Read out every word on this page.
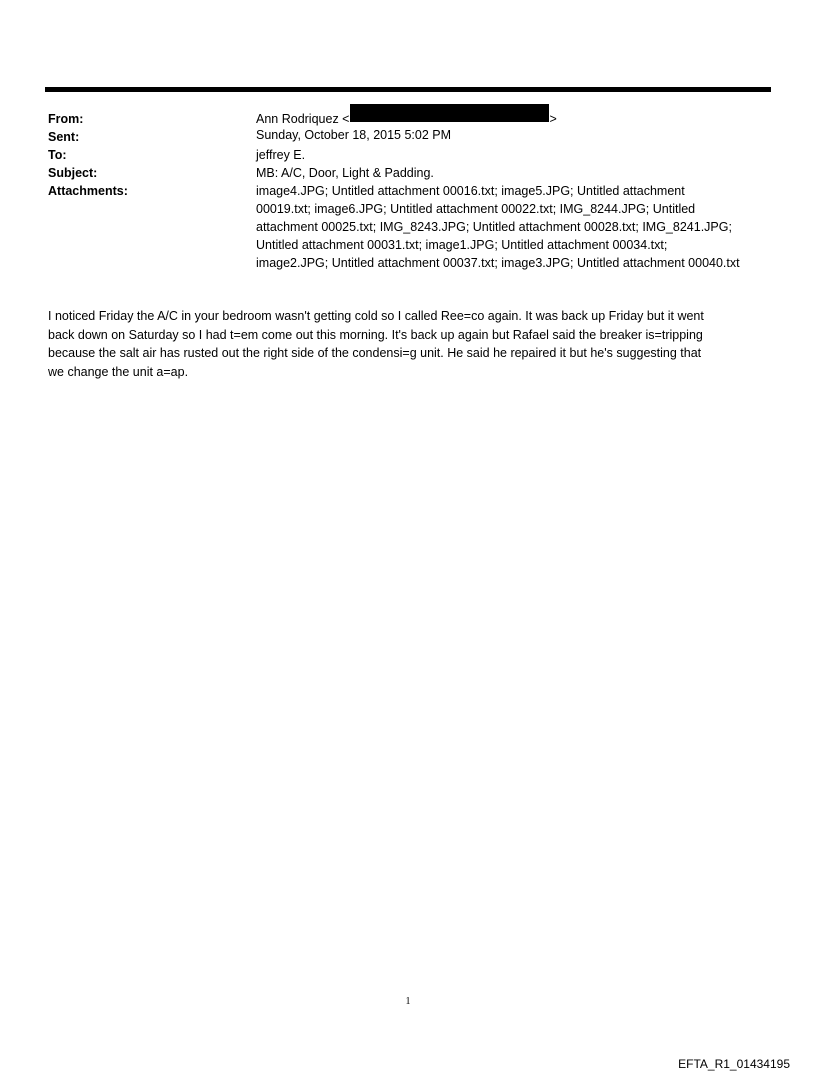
From:	Ann Rodriquez <	>
Sent:	Sunday, October 18, 2015 5:02 PM
To:	jeffrey E.
Subject:	MB: A/C, Door, Light & Padding.
Attachments:	image4.JPG; Untitled attachment 00016.txt; image5.JPG; Untitled attachment
00019.txt; image6.JPG; Untitled attachment 00022.txt; IMG_8244.JPG; Untitled
attachment 00025.txt; IMG_8243.JPG; Untitled attachment 00028.txt; IMG_8241.JPG;
Untitled attachment 00031.txt; image1.JPG; Untitled attachment 00034.txt;
image2.JPG; Untitled attachment 00037.txt; image3.JPG; Untitled attachment 00040.txt
I noticed Friday the A/C in your bedroom wasn't getting cold so I called Ree=co again. It was back up Friday but it went
back down on Saturday so I had t=em come out this morning. It's back up again but Rafael said the breaker is=tripping
because the salt air has rusted out the right side of the condensi=g unit. He said he repaired it but he's suggesting that
we change the unit a=ap.
1
EFTA_R1_01434195
